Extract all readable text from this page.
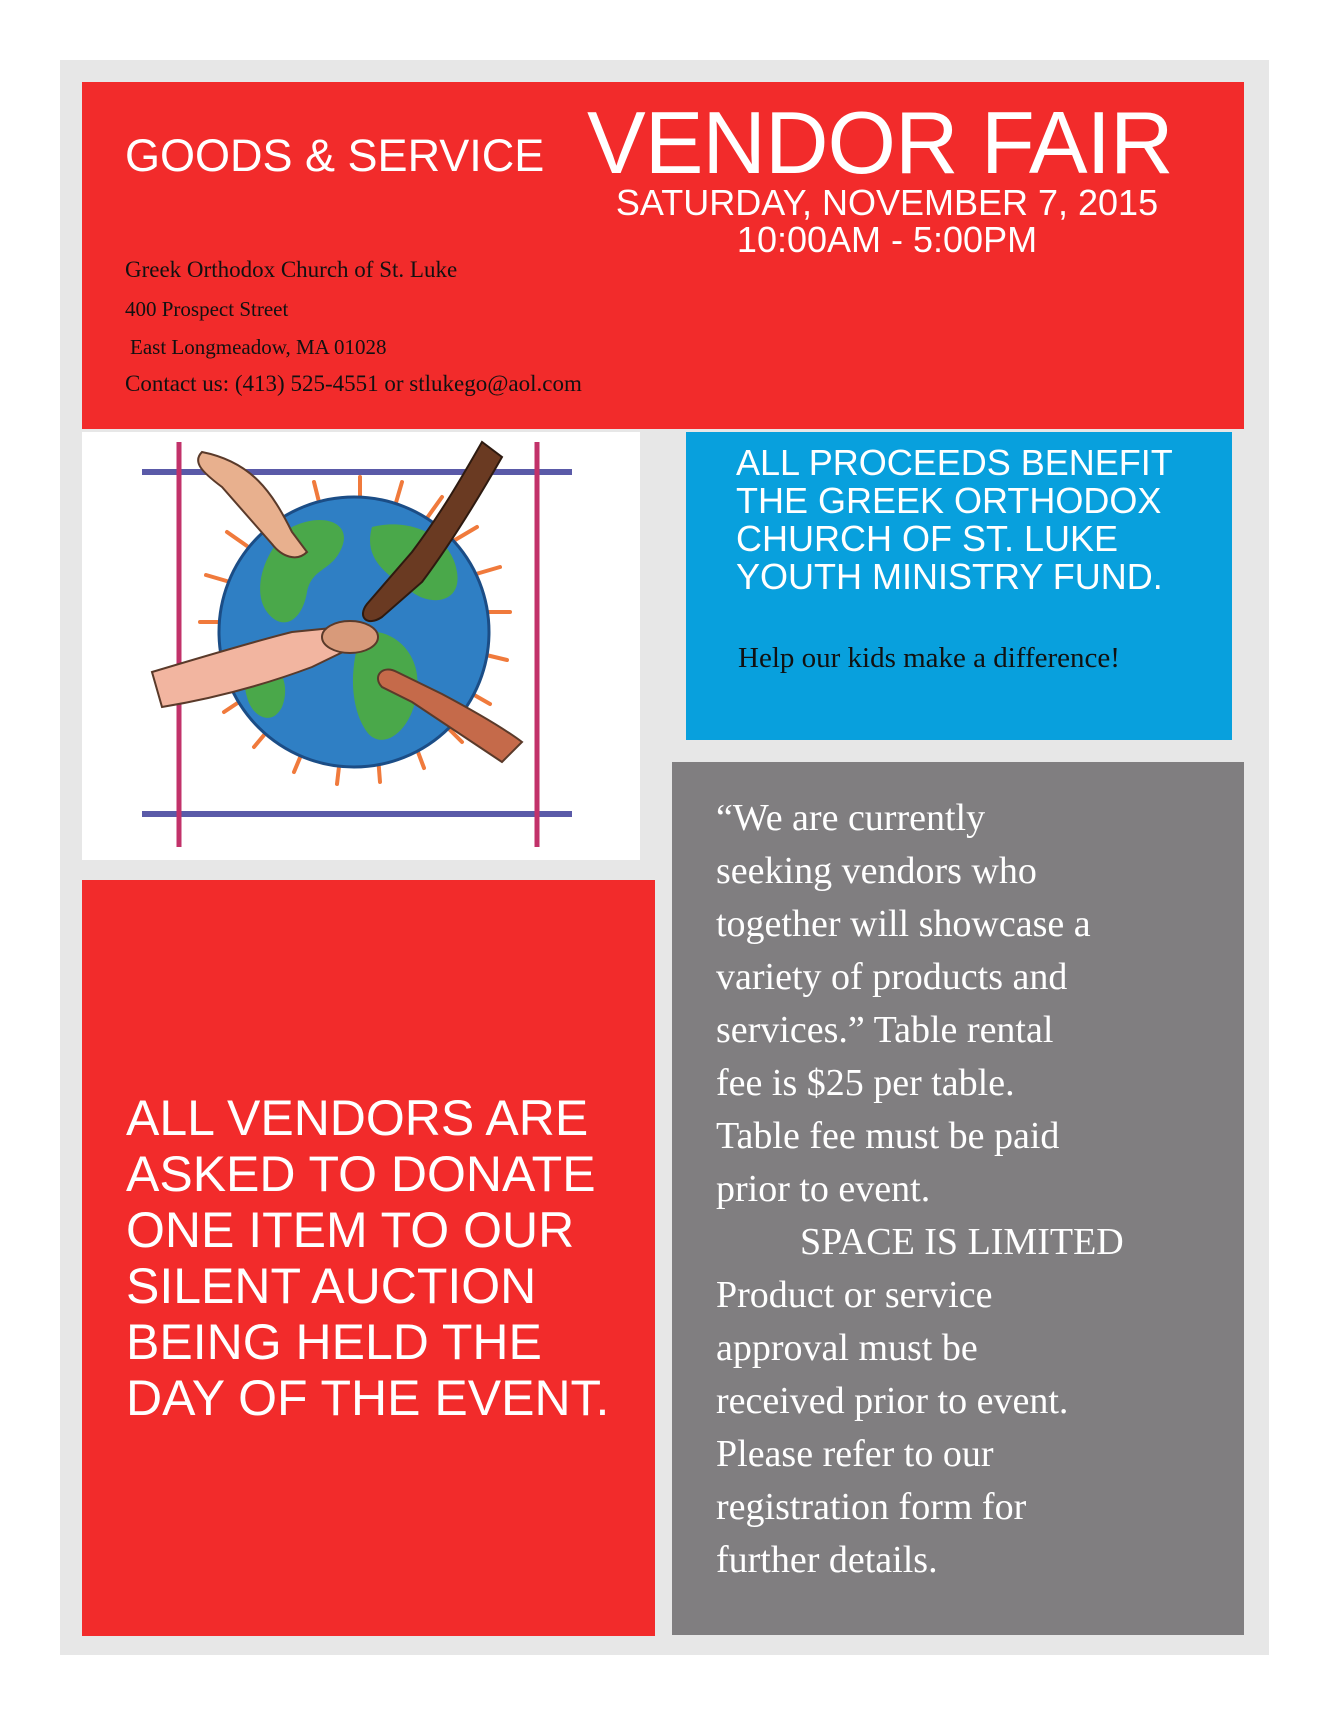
GOODS & SERVICE VENDOR FAIR
SATURDAY, NOVEMBER 7, 2015
10:00AM - 5:00PM
Greek Orthodox Church of St. Luke
400 Prospect Street
East Longmeadow, MA 01028
Contact us: (413) 525-4551 or stlukego@aol.com
ALL PROCEEDS BENEFIT
THE GREEK ORTHODOX
CHURCH OF ST. LUKE
YOUTH MINISTRY FUND.
Help our kids make a difference!
“We are currently
seeking vendors who
together will showcase a
variety of products and
services.” Table rental
fee is $25 per table.
Table fee must be paid
prior to event.
SPACE IS LIMITED
Product or service
approval must be
received prior to event.
Please refer to our
registration form for
further details.
ALL VENDORS ARE
ASKED TO DONATE
ONE ITEM TO OUR
SILENT AUCTION
BEING HELD THE
DAY OF THE EVENT.
